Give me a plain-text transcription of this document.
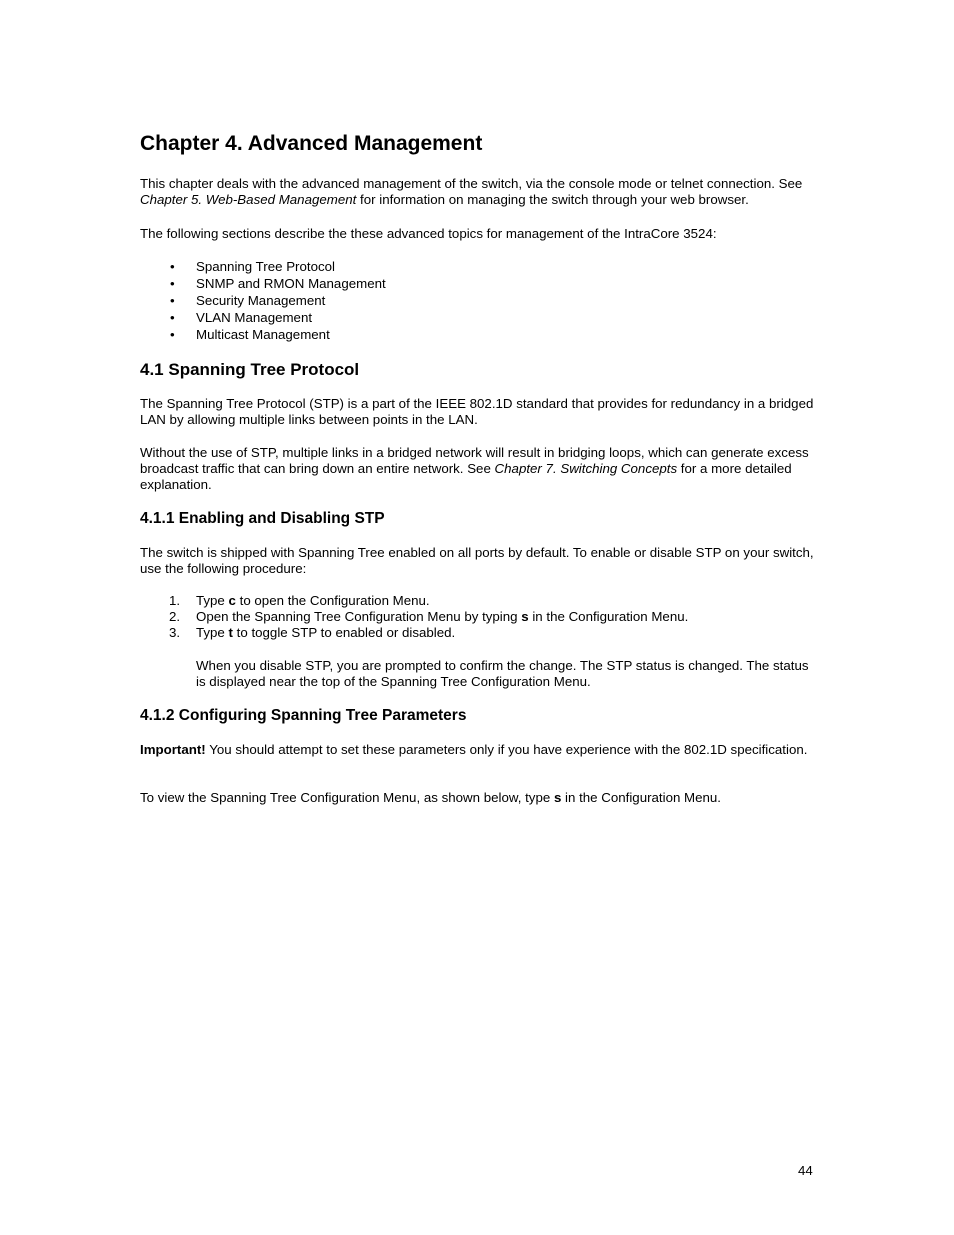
Chapter 4. Advanced Management

This chapter deals with the advanced management of the switch, via the console mode or telnet connection. See Chapter 5. Web-Based Management for information on managing the switch through your web browser.

The following sections describe the these advanced topics for management of the IntraCore 3524:

• Spanning Tree Protocol
• SNMP and RMON Management
• Security Management
• VLAN Management
• Multicast Management
4.1 Spanning Tree Protocol

The Spanning Tree Protocol (STP) is a part of the IEEE 802.1D standard that provides for redundancy in a bridged LAN by allowing multiple links between points in the LAN.

Without the use of STP, multiple links in a bridged network will result in bridging loops, which can generate excess broadcast traffic that can bring down an entire network. See Chapter 7. Switching Concepts for a more detailed explanation.

4.1.1 Enabling and Disabling STP

The switch is shipped with Spanning Tree enabled on all ports by default. To enable or disable STP on your switch, use the following procedure:

1. Type c to open the Configuration Menu.
2. Open the Spanning Tree Configuration Menu by typing s in the Configuration Menu.
3. Type t to toggle STP to enabled or disabled.

When you disable STP, you are prompted to confirm the change. The STP status is changed. The status is displayed near the top of the Spanning Tree Configuration Menu.

4.1.2 Configuring Spanning Tree Parameters

Important! You should attempt to set these parameters only if you have experience with the 802.1D specification.

To view the Spanning Tree Configuration Menu, as shown below, type s in the Configuration Menu.

44
